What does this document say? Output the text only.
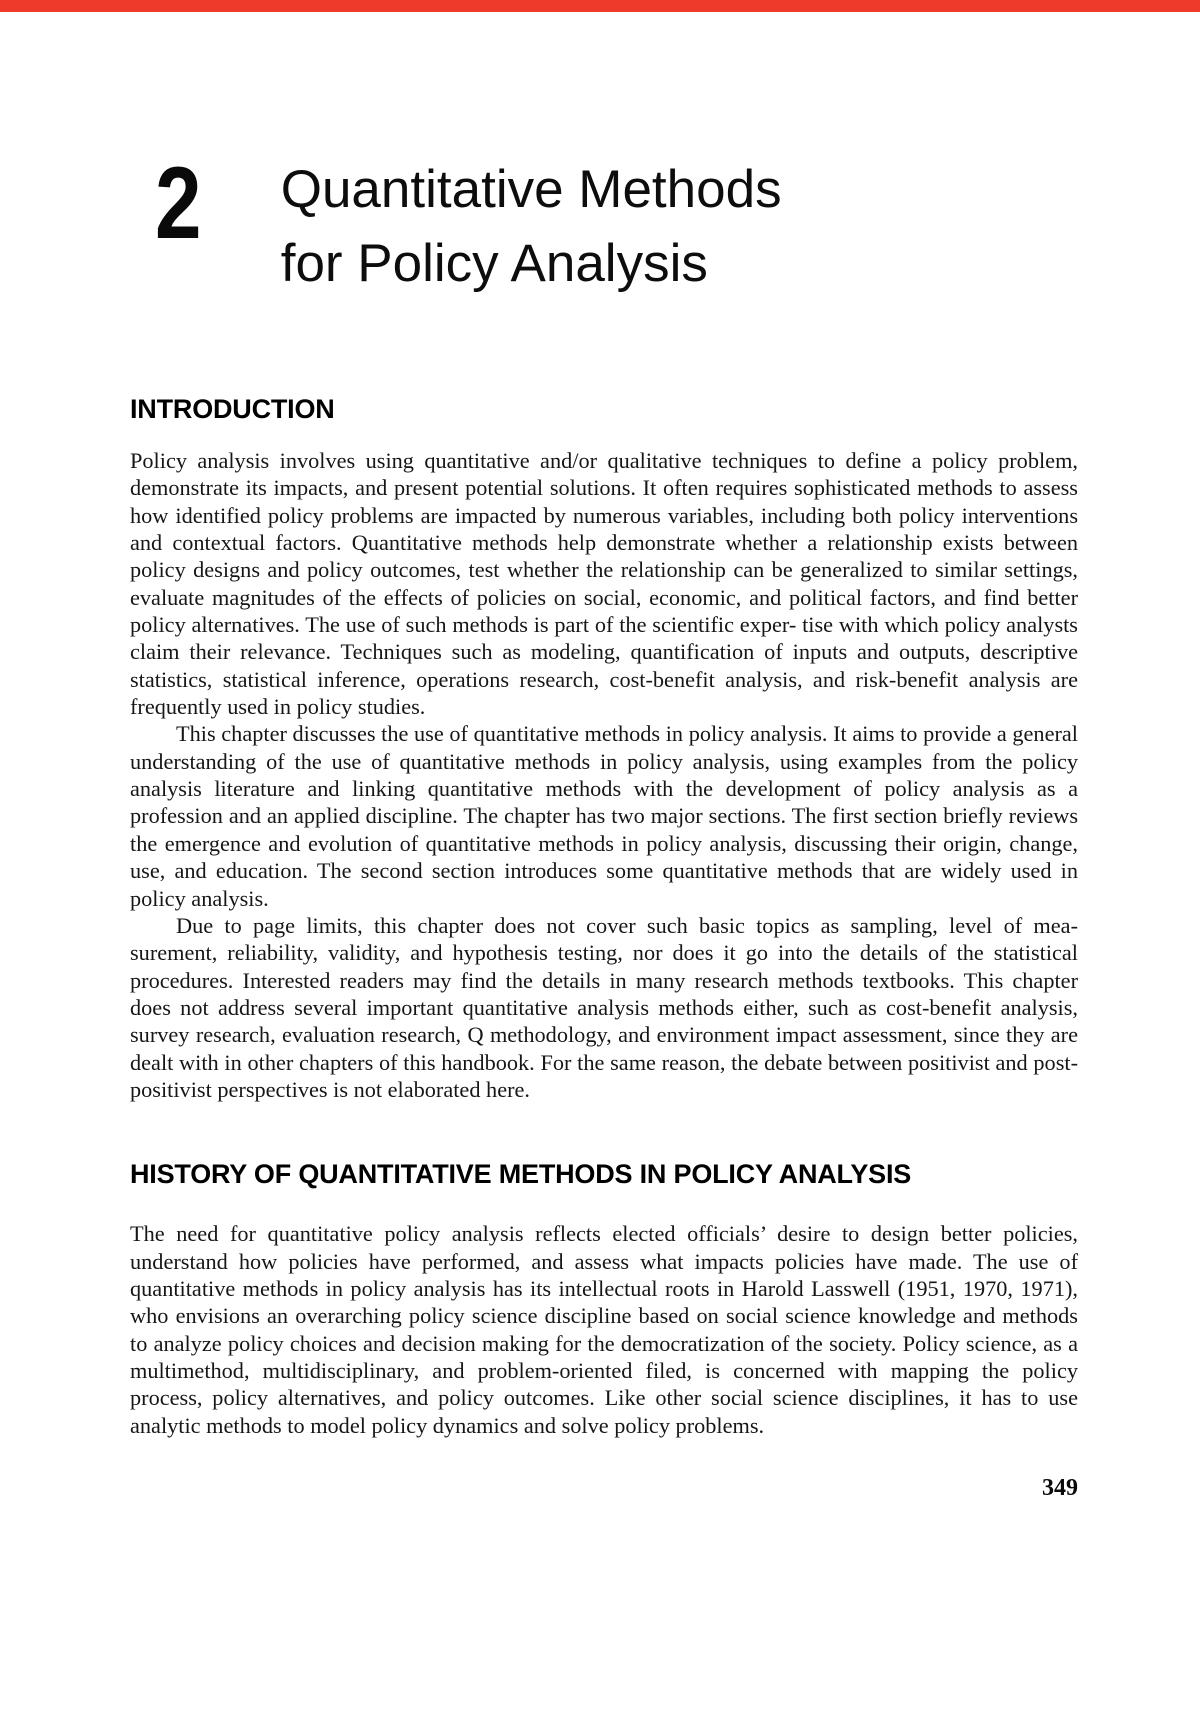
2 Quantitative Methods
for Policy Analysis
INTRODUCTION

Policy analysis involves using quantitative and/or qualitative techniques to define a policy problem, demonstrate its impacts, and present potential solutions. It often requires sophisticated methods to assess how identified policy problems are impacted by numerous variables, including both policy interventions and contextual factors. Quantitative methods help demonstrate whether a relationship exists between policy designs and policy outcomes, test whether the relationship can be generalized to similar settings, evaluate magnitudes of the effects of policies on social, economic, and political factors, and find better policy alternatives. The use of such methods is part of the scientific exper- tise with which policy analysts claim their relevance. Techniques such as modeling, quantification of inputs and outputs, descriptive statistics, statistical inference, operations research, cost-benefit analysis, and risk-benefit analysis are frequently used in policy studies.

This chapter discusses the use of quantitative methods in policy analysis. It aims to provide a general understanding of the use of quantitative methods in policy analysis, using examples from the policy analysis literature and linking quantitative methods with the development of policy analysis as a profession and an applied discipline. The chapter has two major sections. The first section briefly reviews the emergence and evolution of quantitative methods in policy analysis, discussing their origin, change, use, and education. The second section introduces some quantitative methods that are widely used in policy analysis.

Due to page limits, this chapter does not cover such basic topics as sampling, level of mea- surement, reliability, validity, and hypothesis testing, nor does it go into the details of the statistical procedures. Interested readers may find the details in many research methods textbooks. This chapter does not address several important quantitative analysis methods either, such as cost-benefit analysis, survey research, evaluation research, Q methodology, and environment impact assessment, since they are dealt with in other chapters of this handbook. For the same reason, the debate between positivist and post-positivist perspectives is not elaborated here.

HISTORY OF QUANTITATIVE METHODS IN POLICY ANALYSIS

The need for quantitative policy analysis reflects elected officials’ desire to design better policies, understand how policies have performed, and assess what impacts policies have made. The use of quantitative methods in policy analysis has its intellectual roots in Harold Lasswell (1951, 1970, 1971), who envisions an overarching policy science discipline based on social science knowledge and methods to analyze policy choices and decision making for the democratization of the society. Policy science, as a multimethod, multidisciplinary, and problem-oriented filed, is concerned with mapping the policy process, policy alternatives, and policy outcomes. Like other social science disciplines, it has to use analytic methods to model policy dynamics and solve policy problems.

349
